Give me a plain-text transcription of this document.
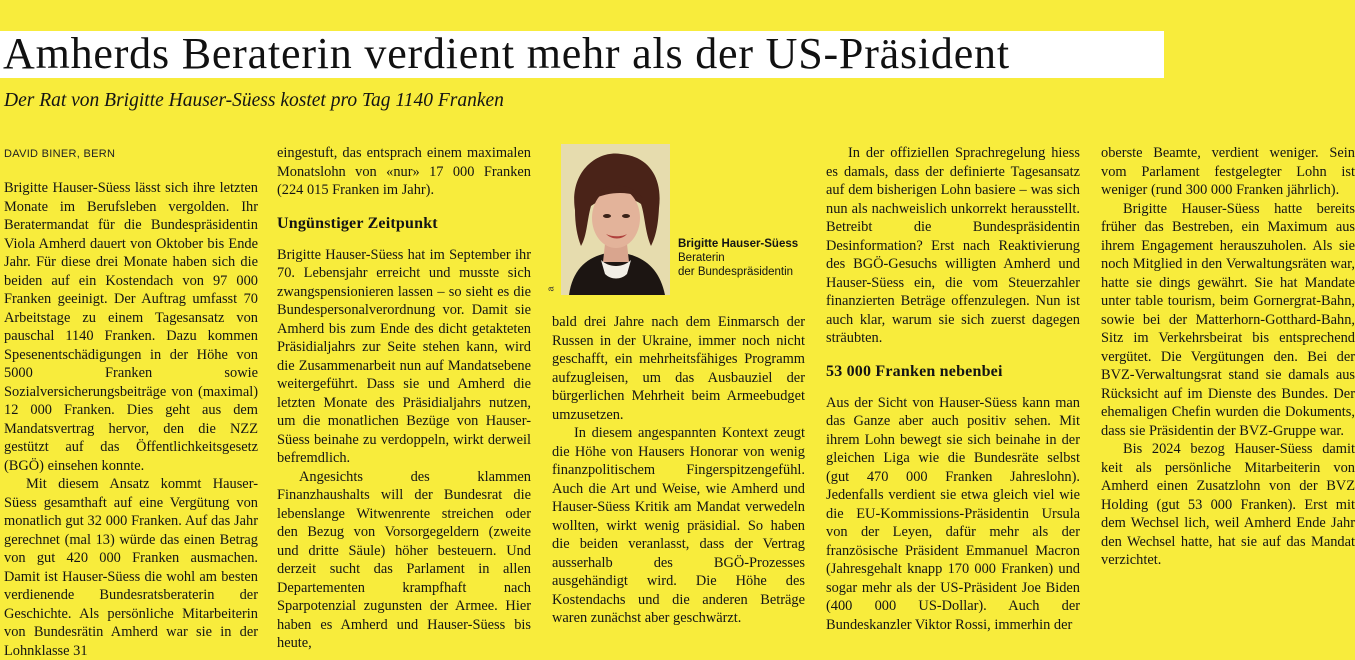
Amherds Beraterin verdient mehr als der US-Präsident
Der Rat von Brigitte Hauser-Süess kostet pro Tag 1140 Franken
DAVID BINER, BERN

Brigitte Hauser-Süess lässt sich ihre letzten Monate im Berufsleben vergolden. Ihr Beratermandat für die Bundespräsidentin Viola Amherd dauert von Oktober bis Ende Jahr. Für diese drei Monate haben sich die beiden auf ein Kostendach von 97 000 Franken geeinigt. Der Auftrag umfasst 70 Arbeitstage zu einem Tagesansatz von pauschal 1140 Franken. Dazu kommen Spesenentschädigungen in der Höhe von 5000 Franken sowie Sozialversicherungsbeiträge von (maximal) 12 000 Franken. Dies geht aus dem Mandatsvertrag hervor, den die NZZ gestützt auf das Öffentlichkeitsgesetz (BGÖ) einsehen konnte.

Mit diesem Ansatz kommt Hauser-Süess gesamthaft auf eine Vergütung von monatlich gut 32 000 Franken. Auf das Jahr gerechnet (mal 13) würde das einen Betrag von gut 420 000 Franken ausmachen. Damit ist Hauser-Süess die wohl am besten verdienende Bundesratsberaterin der Geschichte. Als persönliche Mitarbeiterin von Bundesrätin Amherd war sie in der Lohnklasse 31

eingestuft, das entsprach einem maximalen Monatslohn von «nur» 17 000 Franken (224 015 Franken im Jahr).

Ungünstiger Zeitpunkt

Brigitte Hauser-Süess hat im September ihr 70. Lebensjahr erreicht und musste sich zwangspensionieren lassen – so sieht es die Bundespersonalverordnung vor. Damit sie Amherd bis zum Ende des dicht getakteten Präsidialjahrs zur Seite stehen kann, wird die Zusammenarbeit nun auf Mandatsebene weitergeführt. Dass sie und Amherd die letzten Monate des Präsidialjahrs nutzen, um die monatlichen Bezüge von Hauser-Süess beinahe zu verdoppeln, wirkt derweil befremdlich.

Angesichts des klammen Finanzhaushalts will der Bundesrat die lebenslange Witwenrente streichen oder den Bezug von Vorsorgegeldern (zweite und dritte Säule) höher besteuern. Und derzeit sucht das Parlament in allen Departementen krampfhaft nach Sparpotenzial zugunsten der Armee. Hier haben es Amherd und Hauser-Süess bis heute,

a
Brigitte Hauser-Süess
Beraterin
der Bundespräsidentin

bald drei Jahre nach dem Einmarsch der Russen in der Ukraine, immer noch nicht geschafft, ein mehrheitsfähiges Programm aufzugleisen, um das Ausbauziel der bürgerlichen Mehrheit beim Armeebudget umzusetzen.

In diesem angespannten Kontext zeugt die Höhe von Hausers Honorar von wenig finanzpolitischem Fingerspitzengefühl. Auch die Art und Weise, wie Amherd und Hauser-Süess Kritik am Mandat verwedeln wollten, wirkt wenig präsidial. So haben die beiden veranlasst, dass der Vertrag ausserhalb des BGÖ-Prozesses ausgehändigt wird. Die Höhe des Kostendachs und die anderen Beträge waren zunächst aber geschwärzt.

In der offiziellen Sprachregelung hiess es damals, dass der definierte Tagesansatz auf dem bisherigen Lohn basiere – was sich nun als nachweislich unkorrekt herausstellt. Betreibt die Bundespräsidentin Desinformation? Erst nach Reaktivierung des BGÖ-Gesuchs willigten Amherd und Hauser-Süess ein, die vom Steuerzahler finanzierten Beträge offenzulegen. Nun ist auch klar, warum sie sich zuerst dagegen sträubten.

53 000 Franken nebenbei

Aus der Sicht von Hauser-Süess kann man das Ganze aber auch positiv sehen. Mit ihrem Lohn bewegt sie sich beinahe in der gleichen Liga wie die Bundesräte selbst (gut 470 000 Franken Jahreslohn). Jedenfalls verdient sie etwa gleich viel wie die EU-Kommissions-Präsidentin Ursula von der Leyen, dafür mehr als der französische Präsident Emmanuel Macron (Jahresgehalt knapp 170 000 Franken) und sogar mehr als der US-Präsident Joe Biden (400 000 US-Dollar). Auch der Bundeskanzler Viktor Rossi, immerhin der

oberste Beamte, verdient weniger. Sein vom Parlament festgelegter Lohn ist weniger (rund 300 000 Franken jährlich).

Brigitte Hauser-Süess hatte bereits früher das Bestreben, ein Maximum aus ihrem Engagement herauszuholen. Als sie noch Mitglied in den Verwaltungsräten war, hatte sie dings gewährt. Sie hat Mandate unter table tourism, beim Gornergrat-Bahn, sowie bei der Matterhorn-Gotthard-Bahn, Sitz im Verkehrsbeirat bis entsprechend vergütet. Die Vergütungen den. Bei der BVZ-Verwaltungsrat stand sie damals aus Rücksicht auf im Dienste des Bundes. Der ehemaligen Chefin wurden die Dokuments, dass sie Präsidentin der BVZ-Gruppe war.

Bis 2024 bezog Hauser-Süess damit keit als persönliche Mitarbeiterin von Amherd einen Zusatzlohn von der BVZ Holding (gut 53 000 Franken). Erst mit dem Wechsel lich, weil Amherd Ende Jahr den Wechsel hatte, hat sie auf das Mandat verzichtet.
